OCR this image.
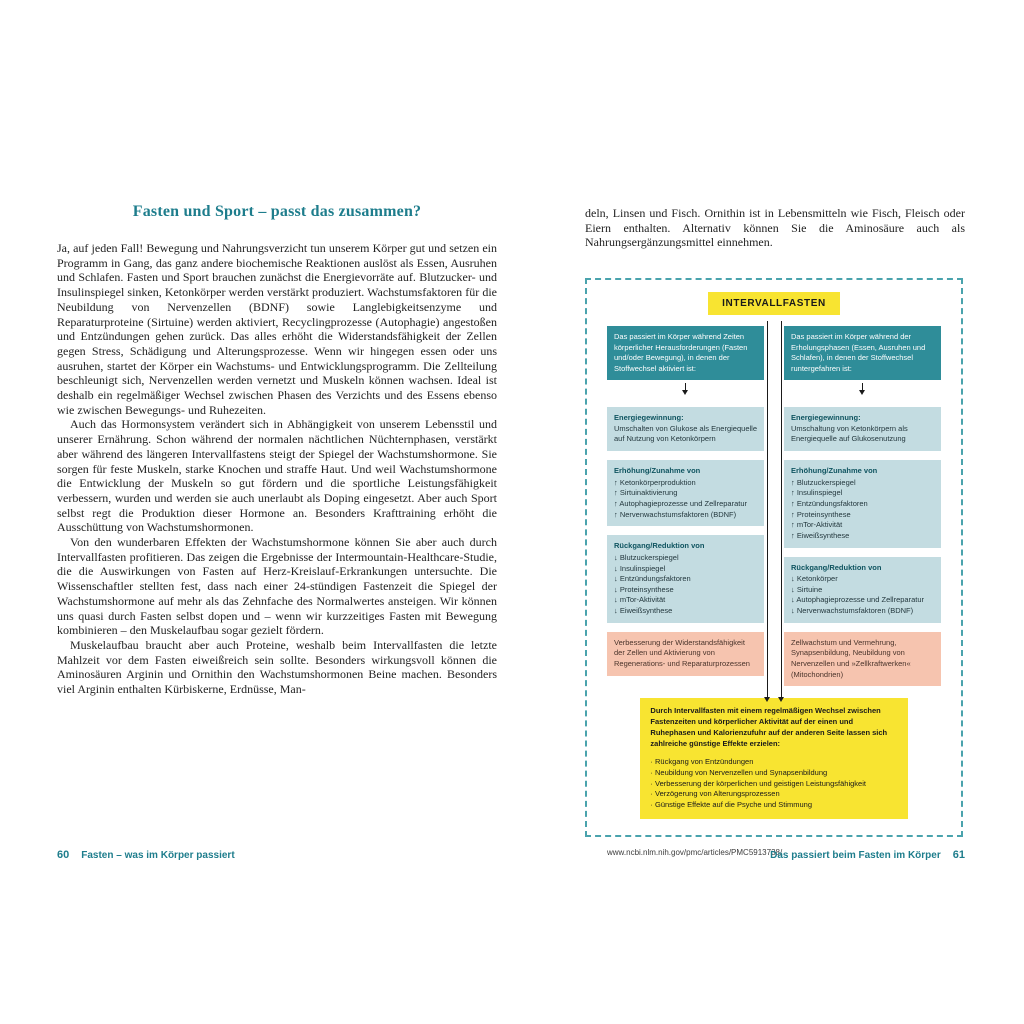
Fasten und Sport – passt das zusammen?

Ja, auf jeden Fall! Bewegung und Nahrungsverzicht tun unserem Körper gut und setzen ein Programm in Gang, das ganz andere biochemische Reaktionen auslöst als Essen, Ausruhen und Schlafen. Fasten und Sport brauchen zunächst die Energievorräte auf. Blutzucker- und Insulinspiegel sinken, Ketonkörper werden verstärkt produziert. Wachstumsfaktoren für die Neubildung von Nervenzellen (BDNF) sowie Langlebigkeitsenzyme und Reparaturproteine (Sirtuine) werden aktiviert, Recyclingprozesse (Autophagie) angestoßen und Entzündungen gehen zurück. Das alles erhöht die Widerstandsfähigkeit der Zellen gegen Stress, Schädigung und Alterungsprozesse. Wenn wir hingegen essen oder uns ausruhen, startet der Körper ein Wachstums- und Entwicklungsprogramm. Die Zellteilung beschleunigt sich, Nervenzellen werden vernetzt und Muskeln können wachsen. Ideal ist deshalb ein regelmäßiger Wechsel zwischen Phasen des Verzichts und des Essens ebenso wie zwischen Bewegungs- und Ruhezeiten.

Auch das Hormonsystem verändert sich in Abhängigkeit von unserem Lebensstil und unserer Ernährung. Schon während der normalen nächtlichen Nüchternphasen, verstärkt aber während des längeren Intervallfastens steigt der Spiegel der Wachstumshormone. Sie sorgen für feste Muskeln, starke Knochen und straffe Haut. Und weil Wachstumshormone die Entwicklung der Muskeln so gut fördern und die sportliche Leistungsfähigkeit verbessern, wurden und werden sie auch unerlaubt als Doping eingesetzt. Aber auch Sport selbst regt die Produktion dieser Hormone an. Besonders Krafttraining erhöht die Ausschüttung von Wachstumshormonen.

Von den wunderbaren Effekten der Wachstumshormone können Sie aber auch durch Intervallfasten profitieren. Das zeigen die Ergebnisse der Intermountain-Healthcare-Studie, die die Auswirkungen von Fasten auf Herz-Kreislauf-Erkrankungen untersuchte. Die Wissenschaftler stellten fest, dass nach einer 24-stündigen Fastenzeit die Spiegel der Wachstumshormone auf mehr als das Zehnfache des Normalwertes ansteigen. Wir können uns quasi durch Fasten selbst dopen und – wenn wir kurzzeitiges Fasten mit Bewegung kombinieren – den Muskelaufbau sogar gezielt fördern.

Muskelaufbau braucht aber auch Proteine, weshalb beim Intervallfasten die letzte Mahlzeit vor dem Fasten eiweißreich sein sollte. Besonders wirkungsvoll können die Aminosäuren Arginin und Ornithin den Wachstumshormonen Beine machen. Besonders viel Arginin enthalten Kürbiskerne, Erdnüsse, Man-

deln, Linsen und Fisch. Ornithin ist in Lebensmitteln wie Fisch, Fleisch oder Eiern enthalten. Alternativ können Sie die Aminosäure auch als Nahrungsergänzungsmittel einnehmen.

INTERVALLFASTEN
Das passiert im Körper während Zeiten körperlicher Herausforderungen (Fasten und/oder Bewegung), in denen der Stoffwechsel aktiviert ist:
Energiegewinnung:
Umschalten von Glukose als Energiequelle auf Nutzung von Ketonkörpern
Erhöhung/Zunahme von
↑ Ketonkörperproduktion
↑ Sirtuinaktivierung
↑ Autophagieprozesse und Zellreparatur
↑ Nervenwachstumsfaktoren (BDNF)
Rückgang/Reduktion von
↓ Blutzuckerspiegel
↓ Insulinspiegel
↓ Entzündungsfaktoren
↓ Proteinsynthese
↓ mTor-Aktivität
↓ Eiweißsynthese
Verbesserung der Widerstandsfähigkeit der Zellen und Aktivierung von Regenerations- und Reparaturprozessen
Das passiert im Körper während der Erholungsphasen (Essen, Ausruhen und Schlafen), in denen der Stoffwechsel runtergefahren ist:
Energiegewinnung:
Umschaltung von Ketonkörpern als Energiequelle auf Glukosenutzung
Erhöhung/Zunahme von
↑ Blutzuckerspiegel
↑ Insulinspiegel
↑ Entzündungsfaktoren
↑ Proteinsynthese
↑ mTor-Aktivität
↑ Eiweißsynthese
Rückgang/Reduktion von
↓ Ketonkörper
↓ Sirtuine
↓ Autophagieprozesse und Zellreparatur
↓ Nervenwachstumsfaktoren (BDNF)
Zellwachstum und Vermehrung, Synapsenbildung, Neubildung von Nervenzellen und »Zellkraftwerken« (Mitochondrien)

Durch Intervallfasten mit einem regelmäßigen Wechsel zwischen Fastenzeiten und körperlicher Aktivität auf der einen und Ruhephasen und Kalorienzufuhr auf der anderen Seite lassen sich zahlreiche günstige Effekte erzielen:

· Rückgang von Entzündungen
· Neubildung von Nervenzellen und Synapsenbildung
· Verbesserung der körperlichen und geistigen Leistungsfähigkeit
· Verzögerung von Alterungsprozessen
· Günstige Effekte auf die Psyche und Stimmung
www.ncbi.nlm.nih.gov/pmc/articles/PMC5913738/
60 Fasten – was im Körper passiert	Das passiert beim Fasten im Körper 61
